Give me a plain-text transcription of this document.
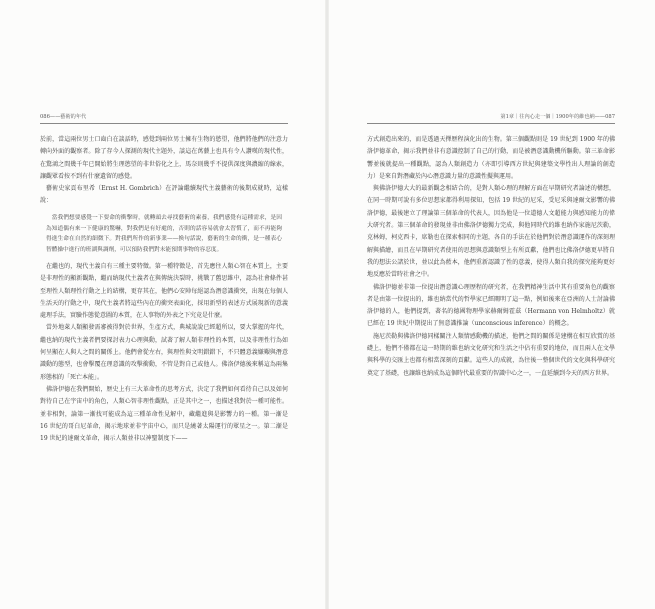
086——藝術的年代

於前，當這兩位男士口齒白在談話時，感覺到兩位男士擁有生物的慾望，他們將他們的注意力轉向外面的觀察者。除了存今人探測的現代主題外，談這在萬藝上也具有令人讚嘆的現代性，在驚鴻之間幾千年已開始將生理慾望的非世俗化之上，馬奈則幾乎不提供深度與濃縮的線索，讓觀眾看按不到有什麼遺留的感覺。

藝術史家貢布里希（Ernst H. Gombrich）在評論繼續現代主義藝術的後期成就時，這樣說：

當我們想要感覺一下要命的衝擊時，就轉頭去尋找藝術的素養，我們感覺有這種需求，是因為知道偶有來一下健康的驚嚇，對我們是有好處的，否則的話容易就會太習慣了，而不再能夠得進生命在自然的細微下。對我們所作的新事業——換句話說，藝術的生命的衝，是一種表心智體操中進行的班湖與調劑，可以預防我們對未能預期事物的容忍度。

在繼也的，現代主義自有三種主要特徵。第一種特徵是，首先應往人類心智在本質上，主要是非理性的顯新觀點，繼而納現代主義者在與傳統決裂時，挑戰了舊思維中，認為社會條件甚至理性人類理性行動之上的結構，更存其在，他們心安陣每絕認為潛意識衝突，出現在每個人生活天的行動之中，現代主義者將這些內在的衝突表面化，採用新型的表述方式展現新的意義處理手法，實驗作態從意圖的本質，在人事物的外表之下究竟是什麼。

當外地萊人類顯發需審被得對於世界，生產方式，典城說說已經超所以，要大掌握的年代，繼也納的現代主義者們要探討表力心理與動，試著了解人類非理性的本質，以及非理性行為如何呈顯在人與人之間的關係上。他們會從左右，與理性與文明錯錯下，不只體意義嫌艱與潛意識動的態型，也會擊覆在理意識的攻擊衝動，不管是對自己或他人。佛洛伊德後來稱這為兩集形態相的「死亡本能」。

佛洛伊德在我們開始，歷史上有三大革命性的思考方式，決定了我們如何看待自己以及如何對待自己在宇宙中的角色，人類心智非理性觀點，正是其中之一，也描述我對於一種可能性。並非相對，論第一漸找可能成為這三種革命性見解中，藏繼進與是影響力的一種。第一漸是 16 世紀的哥白尼革命，揭示地球並非宇宙中心，而只是繞著太陽運行的眾星之一。第二漸是 19 世紀的達爾文革命，揭示人類並非以神聖制度下——

第1章｜往內心走一個｜1900年的維也納——087

方式創造出來的，而是透過天擇歷程演化出的生物。第三個觀點則是 19 世紀到 1900 年的佛洛伊德革命，揭示我們並非有意識控制了自己的行動，而是被潛意識動機所驅動。第三革命影響並後就提出一種觀點，認為人類創造力（亦即引導西方世紀與建築文學性出人理論的創造力）是來自對潛藏於內心潛意識力量的意識性擬與運用。

與佛洛伊德大大的最新觀念相結合的，是對人類心理的理解方面在早期研究者論述的構想，在同一時期可說有多位思想家都得利用探知，包括 19 世紀的尼采，受尼采與達爾文影響的佛洛伊德，最後建立了理論第三個革命的代表人，因為他是一位道德人文超能力與感知能力的偉大研究者。第三個革命的發現並非由佛洛伊德獨力完成，與他同時代的維也納作家施尼茨勒，克林姆，柯克西卡，席勒也在探索相同的主題，各自的手法在於他們對於潛意識運作的深刻理解與描繪，而且在早期研究者使用的思想與意識類型上有所貢獻，他們也比佛洛伊德更早將自我的想法公諸於世，並以此為藍本，他們重新認識了性的意義，使得人類自我的探究能夠更好地反應於當時社會之中。

佛洛伊德並非第一位提出潛意識心理歷程的研究者，在我們精神生活中其有重要角色的觀察者是由第一位提出的，維也納當代的哲學家已經闡明了這一點，例如後來在亞洲的人士討論佛洛伊德的人，他們提到，著名的德國物理學家赫爾姆霍茲（Hermann von Helmholtz）就已經在 19 世紀中期提出了無意識推論（unconscious inference）的概念。

施尼茨勒與佛洛伊德同樣關注人類情感動機的描述，他們之間的關係是建構在相互欣賞的基礎上，他們不僅都在這一時期的維也納文化研究和生活之中佔有重要的地位，而且兩人在文學與科學的交匯上也都有相當深刻的貢獻。這些人的成就，為往後一整個世代的文化與科學研究奠定了基礎，也讓維也納成為這個時代最重要的智識中心之一，一直延續到今天的西方世界。
